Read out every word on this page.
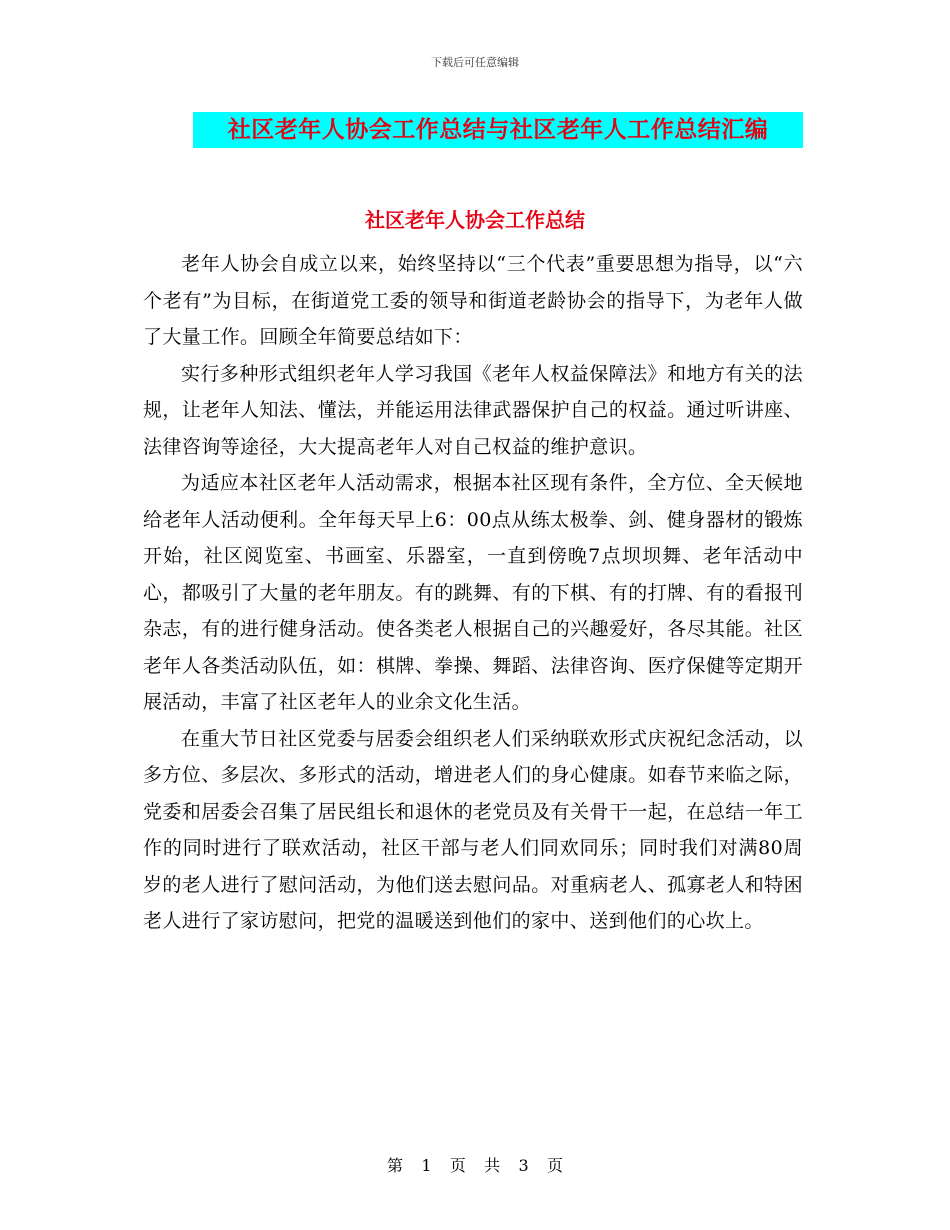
下载后可任意编辑
社区老年人协会工作总结与社区老年人工作总结汇编
社区老年人协会工作总结

老年人协会自成立以来，始终坚持以“三个代表”重要思想为指导，以“六个老有”为目标，在街道党工委的领导和街道老龄协会的指导下，为老年人做了大量工作。回顾全年简要总结如下：

实行多种形式组织老年人学习我国《老年人权益保障法》和地方有关的法规，让老年人知法、懂法，并能运用法律武器保护自己的权益。通过听讲座、法律咨询等途径，大大提高老年人对自己权益的维护意识。

为适应本社区老年人活动需求，根据本社区现有条件，全方位、全天候地给老年人活动便利。全年每天早上6：00点从练太极拳、剑、健身器材的锻炼开始，社区阅览室、书画室、乐器室，一直到傍晚7点坝坝舞、老年活动中心，都吸引了大量的老年朋友。有的跳舞、有的下棋、有的打牌、有的看报刊杂志，有的进行健身活动。使各类老人根据自己的兴趣爱好，各尽其能。社区老年人各类活动队伍，如：棋牌、拳操、舞蹈、法律咨询、医疗保健等定期开展活动，丰富了社区老年人的业余文化生活。

在重大节日社区党委与居委会组织老人们采纳联欢形式庆祝纪念活动，以多方位、多层次、多形式的活动，增进老人们的身心健康。如春节来临之际，党委和居委会召集了居民组长和退休的老党员及有关骨干一起，在总结一年工作的同时进行了联欢活动，社区干部与老人们同欢同乐；同时我们对满80周岁的老人进行了慰问活动，为他们送去慰问品。对重病老人、孤寡老人和特困老人进行了家访慰问，把党的温暖送到他们的家中、送到他们的心坎上。

第 1 页 共 3 页
